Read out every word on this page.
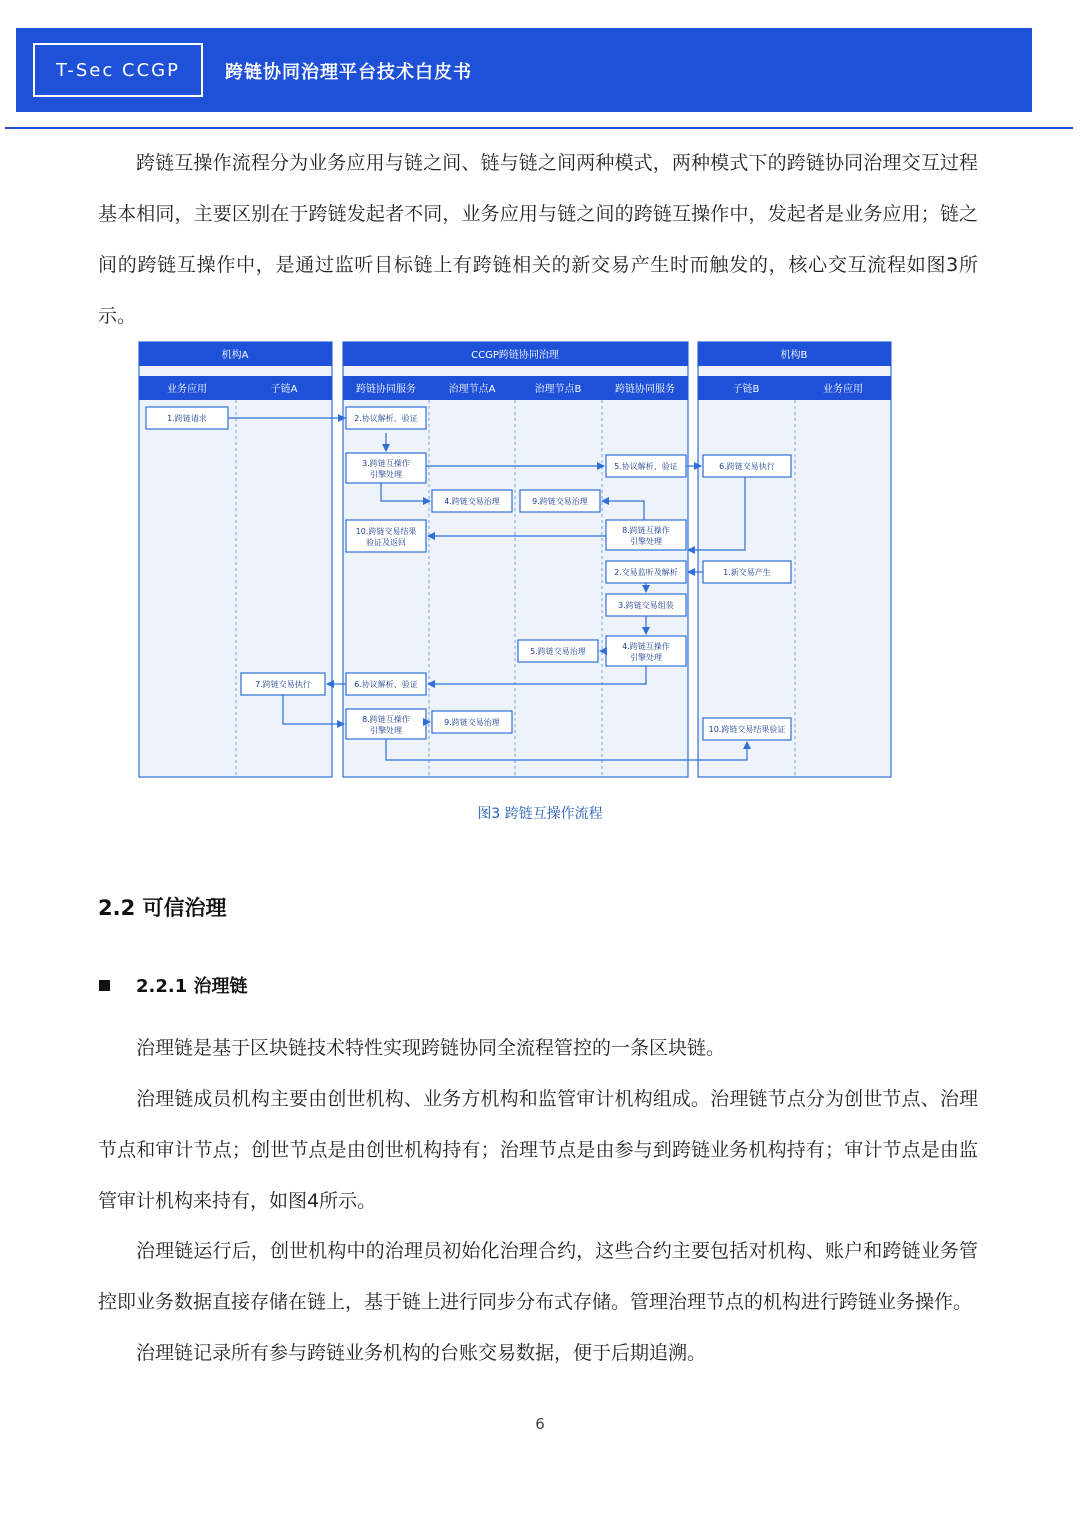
T-Sec CCGP	跨链协同治理平台技术白皮书

跨链互操作流程分为业务应用与链之间、链与链之间两种模式，两种模式下的跨链协同治理交互过程基本相同，主要区别在于跨链发起者不同，业务应用与链之间的跨链互操作中，发起者是业务应用；链之间的跨链互操作中，是通过监听目标链上有跨链相关的新交易产生时而触发的，核心交互流程如图3所示。

机构A	CCGP跨链协同治理	机构B
业务应用	子链A	跨链协同服务	治理节点A	治理节点B	跨链协同服务	子链B	业务应用
1.跨链请求	2.协议解析、验证
3.跨链互操作
引擎处理
4.跨链交易治理
5.协议解析、验证	6.跨链交易执行
9.跨链交易治理
8.跨链互操作
引擎处理
10.跨链交易结果
验证及返回
1.新交易产生
2.交易监听及解析
3.跨链交易组装
4.跨链互操作
引擎处理
5.跨链交易治理
6.协议解析、验证
7.跨链交易执行
8.跨链互操作
引擎处理
9.跨链交易治理
10.跨链交易结果验证
图3 跨链互操作流程
2.2 可信治理
2.2.1 治理链

治理链是基于区块链技术特性实现跨链协同全流程管控的一条区块链。

治理链成员机构主要由创世机构、业务方机构和监管审计机构组成。治理链节点分为创世节点、治理节点和审计节点；创世节点是由创世机构持有；治理节点是由参与到跨链业务机构持有；审计节点是由监管审计机构来持有，如图4所示。

治理链运行后，创世机构中的治理员初始化治理合约，这些合约主要包括对机构、账户和跨链业务管控即业务数据直接存储在链上，基于链上进行同步分布式存储。管理治理节点的机构进行跨链业务操作。

治理链记录所有参与跨链业务机构的台账交易数据，便于后期追溯。

6
